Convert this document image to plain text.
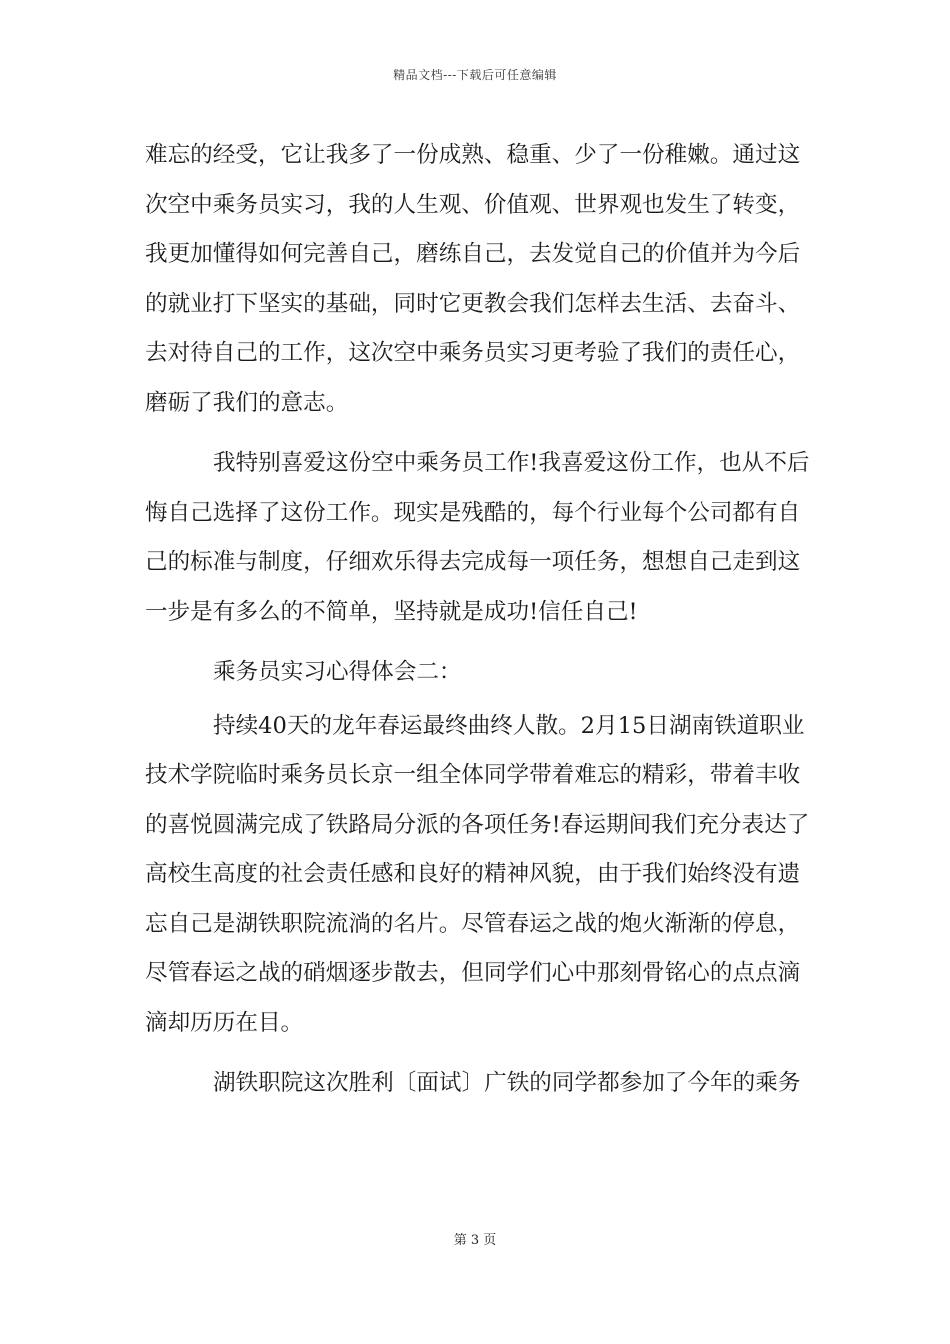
精品文档---下载后可任意编辑
难忘的经受，它让我多了一份成熟、稳重、少了一份稚嫩。通过这
次空中乘务员实习，我的人生观、价值观、世界观也发生了转变，
我更加懂得如何完善自己，磨练自己，去发觉自己的价值并为今后
的就业打下坚实的基础，同时它更教会我们怎样去生活、去奋斗、
去对待自己的工作，这次空中乘务员实习更考验了我们的责任心，
磨砺了我们的意志。
我特别喜爱这份空中乘务员工作!我喜爱这份工作，也从不后
悔自己选择了这份工作。现实是残酷的，每个行业每个公司都有自
己的标准与制度，仔细欢乐得去完成每一项任务，想想自己走到这
一步是有多么的不简单，坚持就是成功!信任自己!
乘务员实习心得体会二：
持续40天的龙年春运最终曲终人散。2月15日湖南铁道职业
技术学院临时乘务员长京一组全体同学带着难忘的精彩，带着丰收
的喜悦圆满完成了铁路局分派的各项任务!春运期间我们充分表达了
高校生高度的社会责任感和良好的精神风貌，由于我们始终没有遗
忘自己是湖铁职院流淌的名片。尽管春运之战的炮火渐渐的停息，
尽管春运之战的硝烟逐步散去，但同学们心中那刻骨铭心的点点滴
滴却历历在目。
湖铁职院这次胜利〔面试〕广铁的同学都参加了今年的乘务
第 3 页
